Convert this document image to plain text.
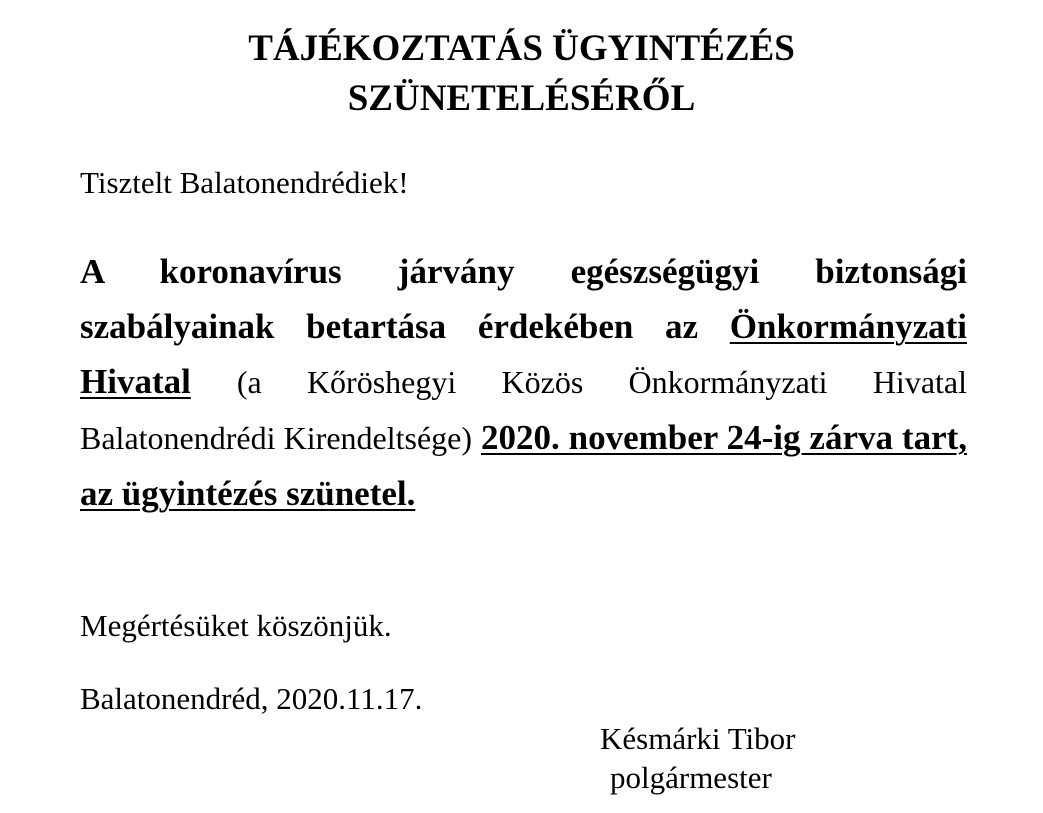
TÁJÉKOZTATÁS ÜGYINTÉZÉS
SZÜNETELÉSÉRŐL

Tisztelt Balatonendrédiek!

A koronavírus járvány egészségügyi biztonsági szabályainak betartása érdekében az Önkormányzati Hivatal (a Kőröshegyi Közös Önkormányzati Hivatal Balatonendrédi Kirendeltsége) 2020. november 24-ig zárva tart, az ügyintézés szünetel.

Megértésüket köszönjük.

Balatonendréd, 2020.11.17.

Késmárki Tibor

polgármester
